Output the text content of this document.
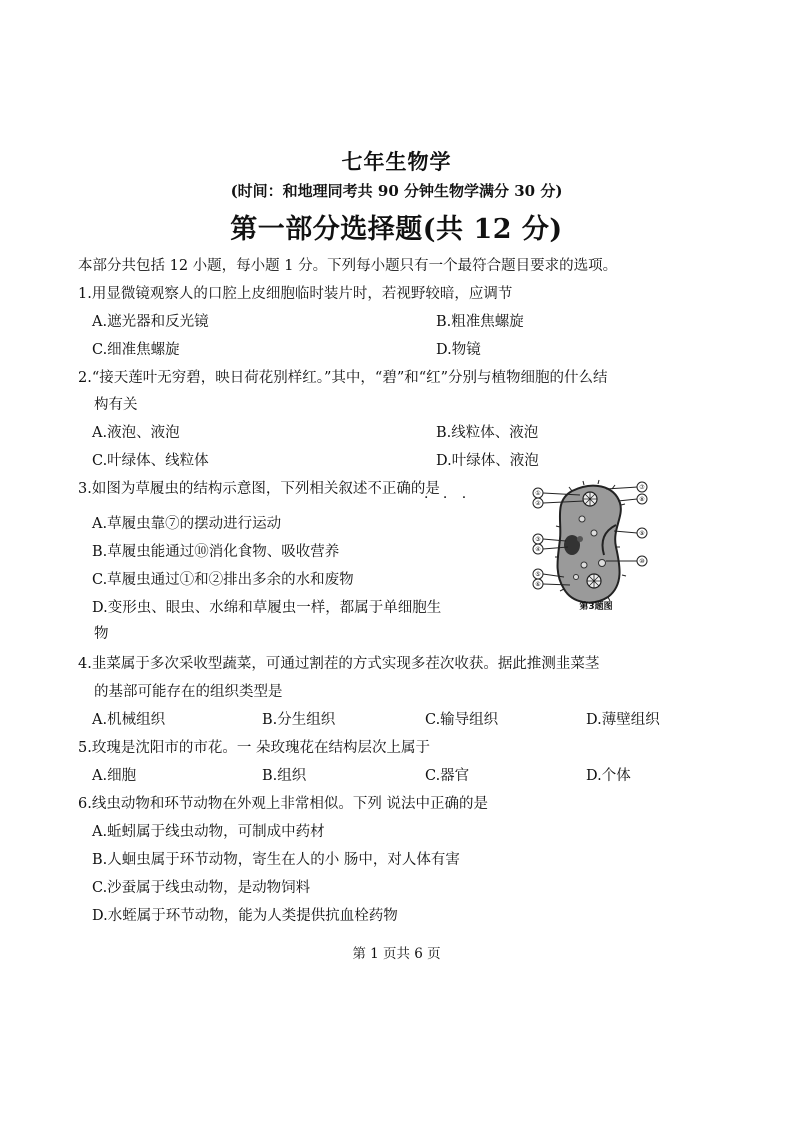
七年生物学
(时间：和地理同考共 90 分钟生物学满分 30 分)
第一部分选择题(共 12 分)
本部分共包括 12 小题，每小题 1 分。下列每小题只有一个最符合题目要求的选项。
1.用显微镜观察人的口腔上皮细胞临时装片时，若视野较暗，应调节
A.遮光器和反光镜	B.粗准焦螺旋
C.细准焦螺旋	D.物镜
2.“接天莲叶无穷碧，映日荷花别样红。”其中，“碧”和“红”分别与植物细胞的什么结
构有关
A.液泡、液泡	B.线粒体、液泡
C.叶绿体、线粒体	D.叶绿体、液泡
3.如图为草履虫的结构示意图，下列相关叙述不正确的是
· · ·
A.草履虫靠⑦的摆动进行运动
B.草履虫能通过⑩消化食物、吸收营养
C.草履虫通过①和②排出多余的水和废物
D.变形虫、眼虫、水绵和草履虫一样，都属于单细胞生
物
①
②
③
④
⑤
⑥
⑦
⑧
⑨
⑩
第3题图
4.韭菜属于多次采收型蔬菜，可通过割茬的方式实现多茬次收获。据此推测韭菜茎
的基部可能存在的组织类型是
A.机械组织	B.分生组织	C.输导组织	D.薄壁组织
5.玫瑰是沈阳市的市花。一 朵玫瑰花在结构层次上属于
A.细胞	B.组织	C.器官	D.个体
6.线虫动物和环节动物在外观上非常相似。下列 说法中正确的是
A.蚯蚓属于线虫动物，可制成中药材
B.人蛔虫属于环节动物，寄生在人的小 肠中，对人体有害
C.沙蚕属于线虫动物，是动物饲料
D.水蛭属于环节动物，能为人类提供抗血栓药物
第 1 页共 6 页
